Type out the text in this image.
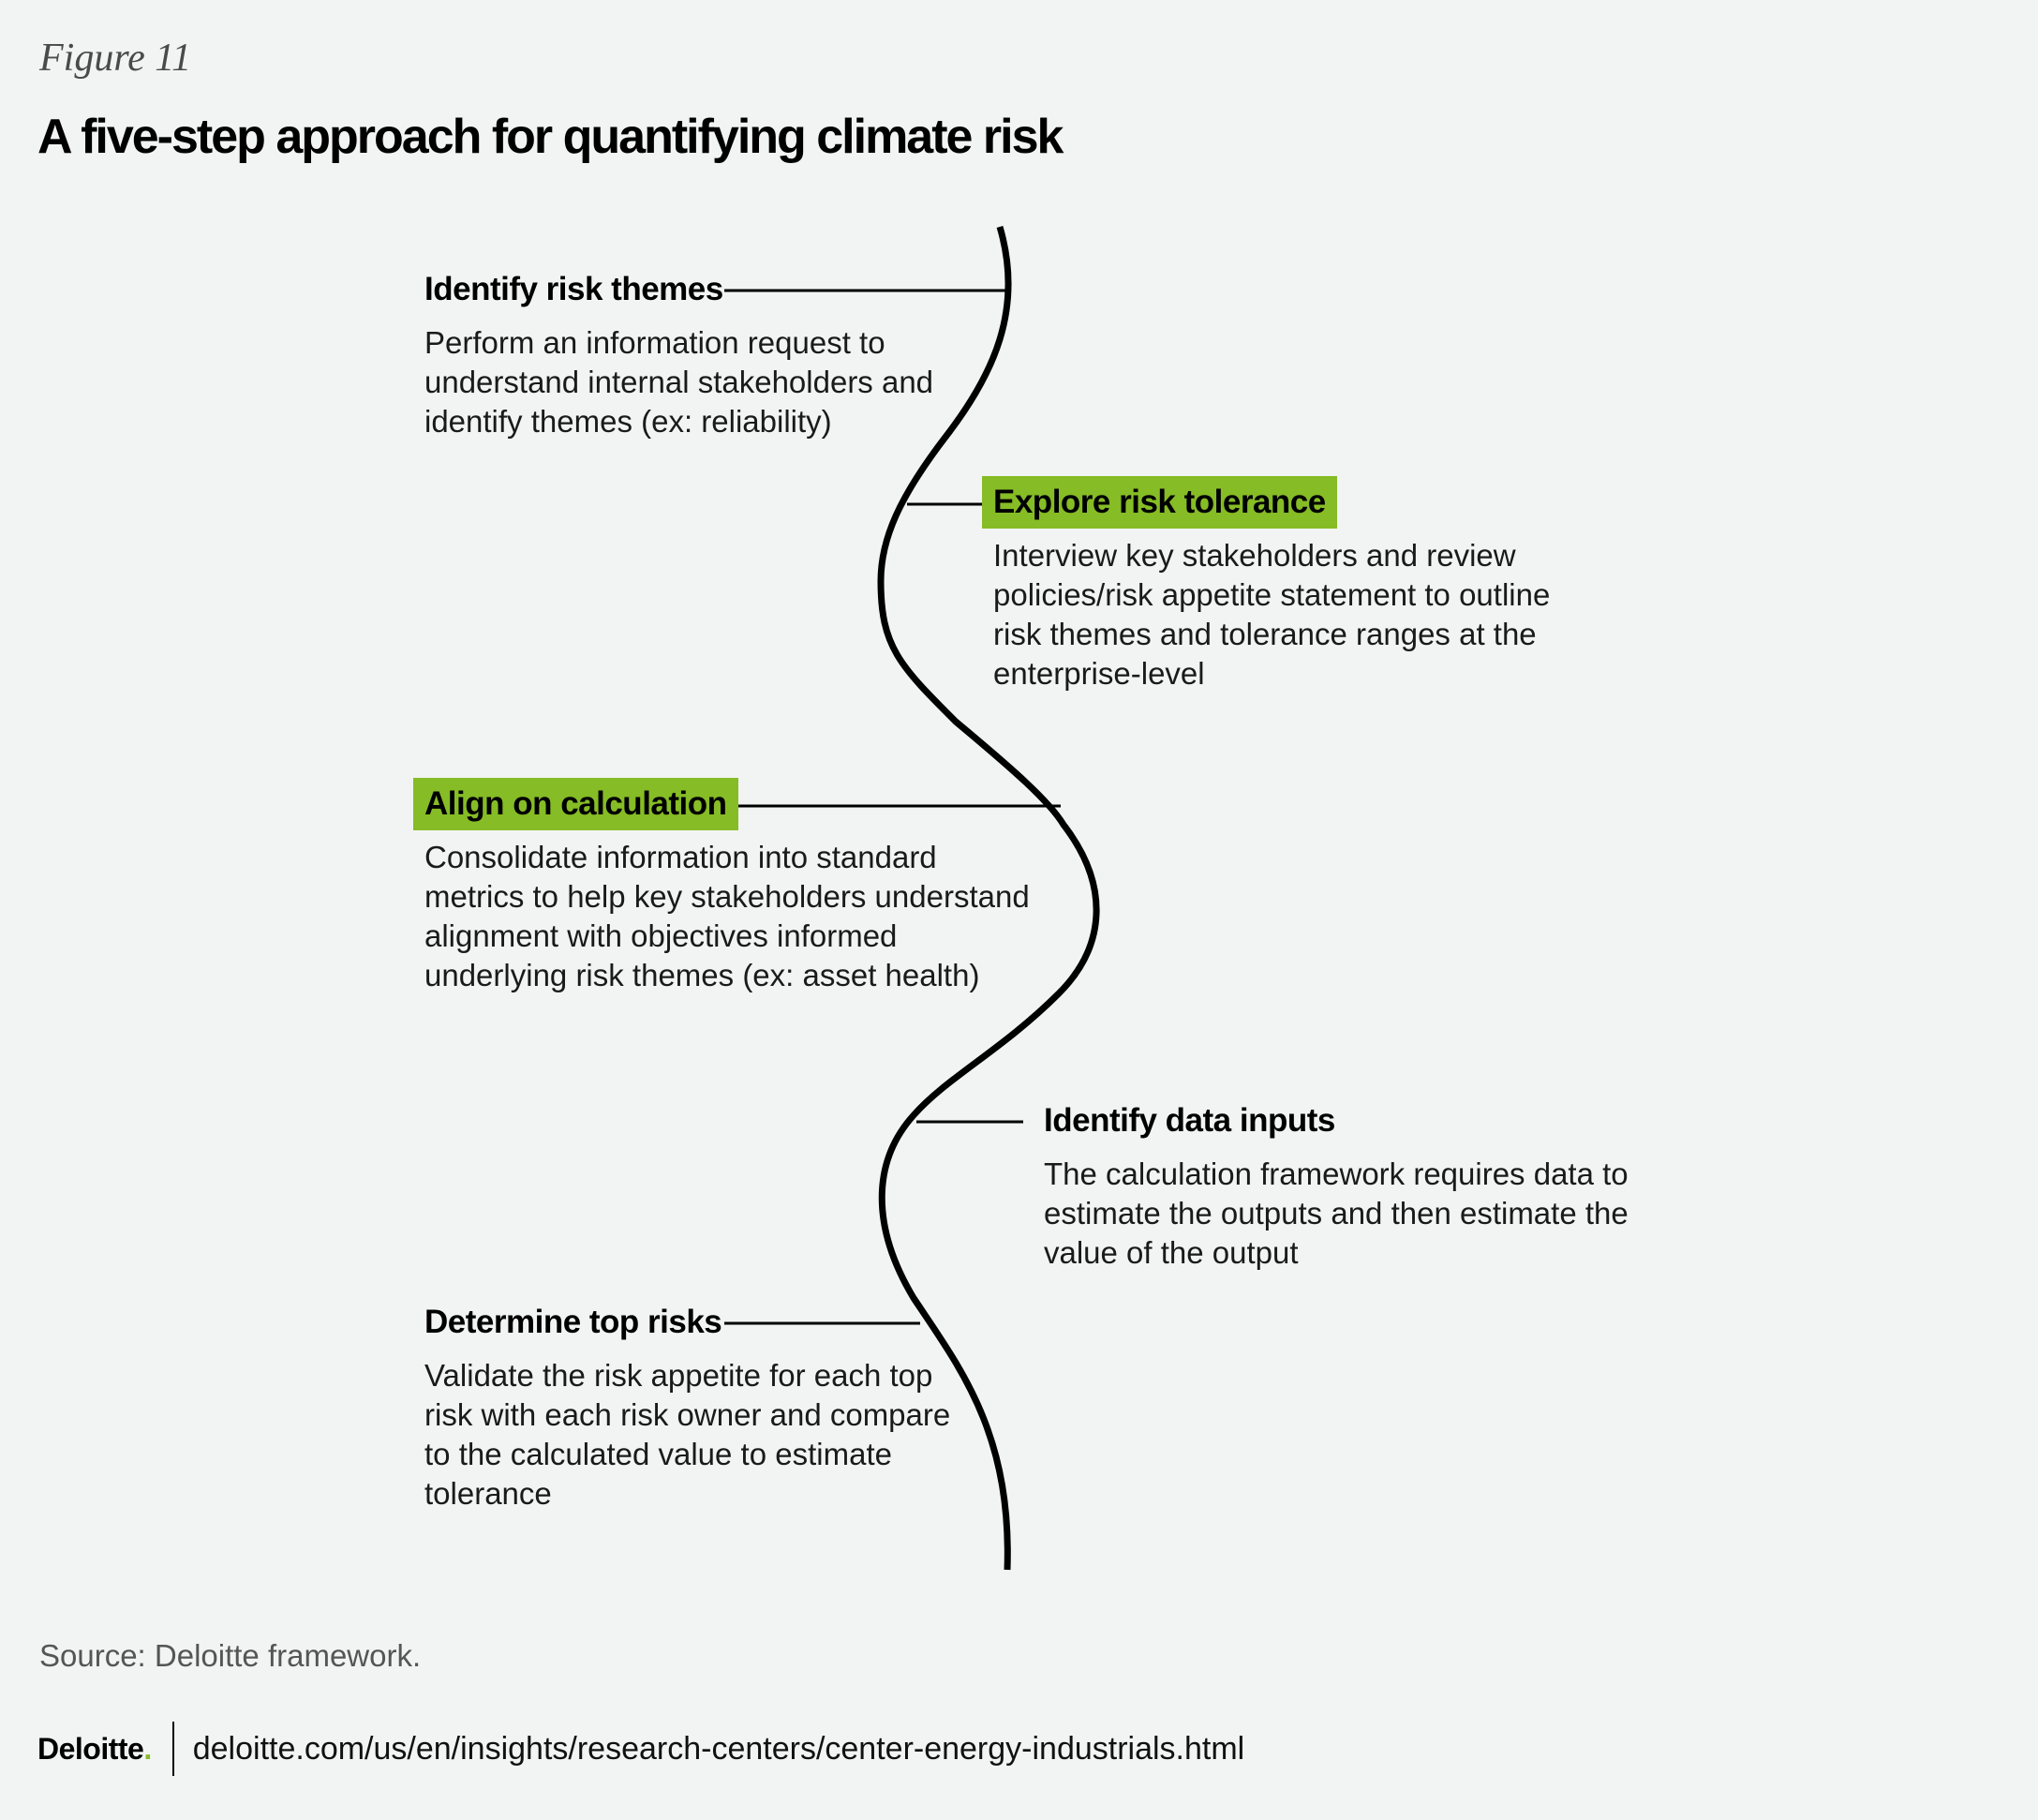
Figure 11
A five-step approach for quantifying climate risk
Identify risk themes
Perform an information request to
understand internal stakeholders and
identify themes (ex: reliability)
Explore risk tolerance
Interview key stakeholders and review
policies/risk appetite statement to outline
risk themes and tolerance ranges at the
enterprise-level
Align on calculation
Consolidate information into standard
metrics to help key stakeholders understand
alignment with objectives informed
underlying risk themes (ex: asset health)
Identify data inputs
The calculation framework requires data to
estimate the outputs and then estimate the
value of the output
Determine top risks
Validate the risk appetite for each top
risk with each risk owner and compare
to the calculated value to estimate
tolerance
Source: Deloitte framework.
Deloitte. deloitte.com/us/en/insights/research-centers/center-energy-industrials.html
